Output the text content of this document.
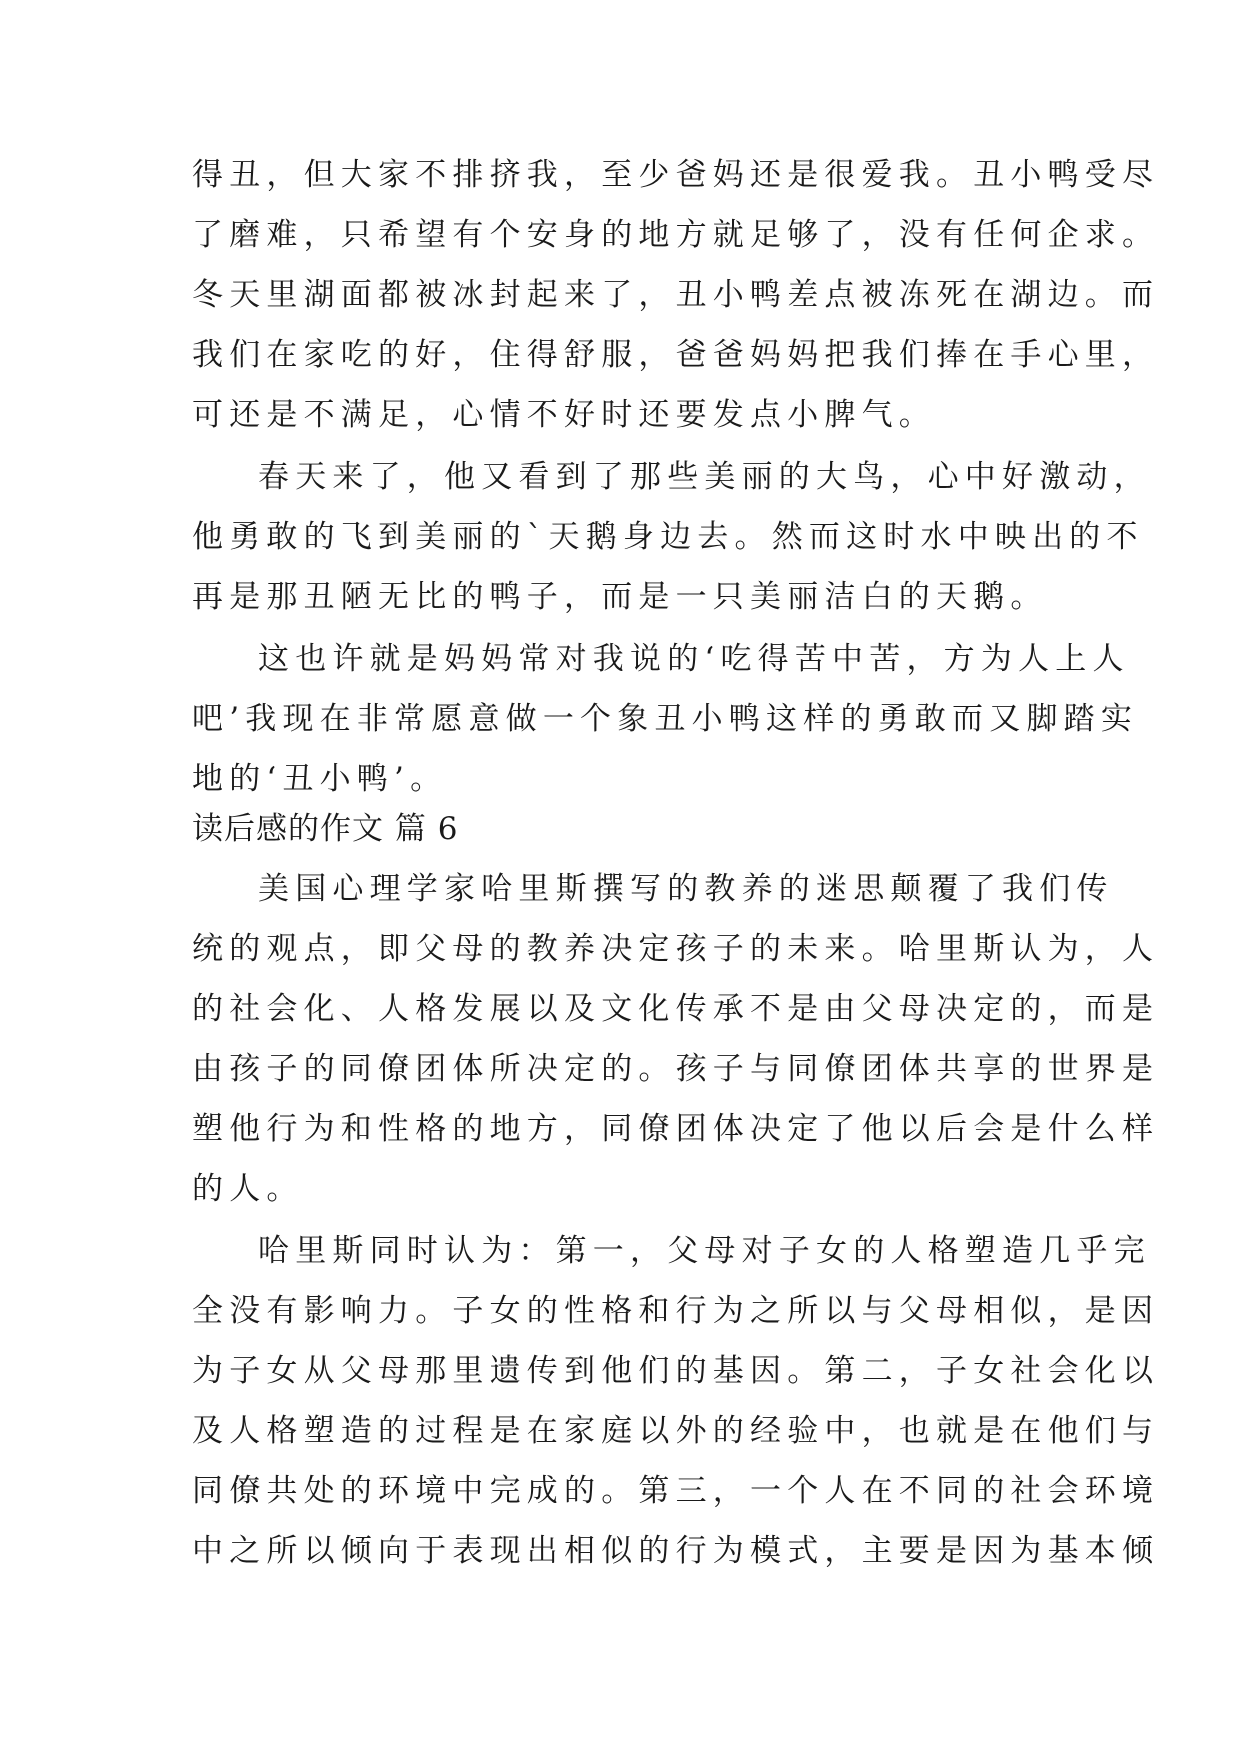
得丑，但大家不排挤我，至少爸妈还是很爱我。丑小鸭受尽
了磨难，只希望有个安身的地方就足够了，没有任何企求。
冬天里湖面都被冰封起来了，丑小鸭差点被冻死在湖边。而
我们在家吃的好，住得舒服，爸爸妈妈把我们捧在手心里，
可还是不满足，心情不好时还要发点小脾气。
春天来了，他又看到了那些美丽的大鸟，心中好激动，
他勇敢的飞到美丽的`天鹅身边去。然而这时水中映出的不
再是那丑陋无比的鸭子，而是一只美丽洁白的天鹅。
这也许就是妈妈常对我说的‘吃得苦中苦，方为人上人
吧’我现在非常愿意做一个象丑小鸭这样的勇敢而又脚踏实
地的‘丑小鸭’。
读后感的作文 篇 6
美国心理学家哈里斯撰写的教养的迷思颠覆了我们传
统的观点，即父母的教养决定孩子的未来。哈里斯认为，人
的社会化、人格发展以及文化传承不是由父母决定的，而是
由孩子的同僚团体所决定的。孩子与同僚团体共享的世界是
塑他行为和性格的地方，同僚团体决定了他以后会是什么样
的人。
哈里斯同时认为：第一，父母对子女的人格塑造几乎完
全没有影响力。子女的性格和行为之所以与父母相似，是因
为子女从父母那里遗传到他们的基因。第二，子女社会化以
及人格塑造的过程是在家庭以外的经验中，也就是在他们与
同僚共处的环境中完成的。第三，一个人在不同的社会环境
中之所以倾向于表现出相似的行为模式，主要是因为基本倾
